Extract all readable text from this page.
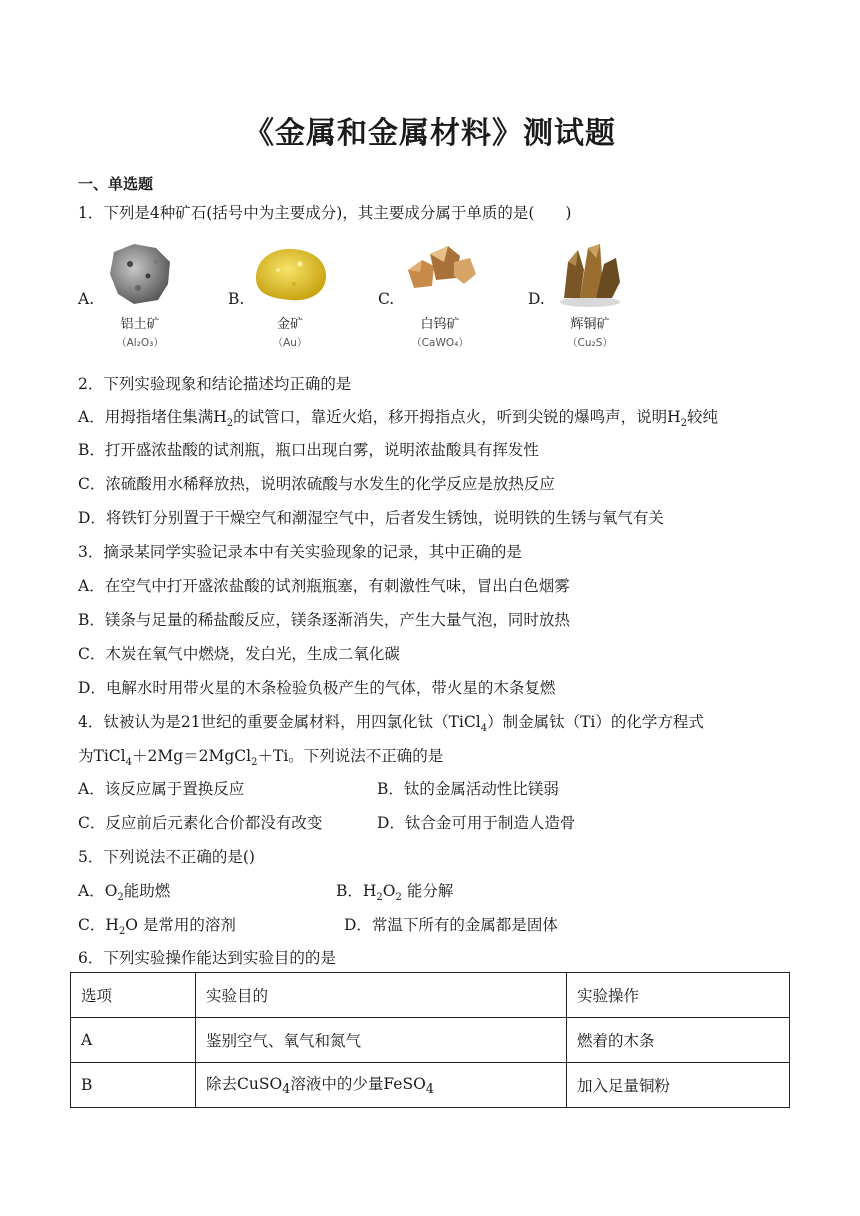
《金属和金属材料》测试题
一、单选题
1．下列是4种矿石(括号中为主要成分)，其主要成分属于单质的是(　　)
A.
铝土矿
（Al₂O₃）
B.
金矿
（Au）
C.
白钨矿
（CaWO₄）
D.
辉铜矿
（Cu₂S）
2．下列实验现象和结论描述均正确的是
A．用拇指堵住集满$H_2$的试管口，靠近火焰，移开拇指点火，听到尖锐的爆鸣声，说明$H_2$较纯
B．打开盛浓盐酸的试剂瓶，瓶口出现白雾，说明浓盐酸具有挥发性
C．浓硫酸用水稀释放热，说明浓硫酸与水发生的化学反应是放热反应
D．将铁钉分别置于干燥空气和潮湿空气中，后者发生锈蚀，说明铁的生锈与氧气有关
3．摘录某同学实验记录本中有关实验现象的记录，其中正确的是
A．在空气中打开盛浓盐酸的试剂瓶瓶塞，有刺激性气味，冒出白色烟雾
B．镁条与足量的稀盐酸反应，镁条逐渐消失，产生大量气泡，同时放热
C．木炭在氧气中燃烧，发白光，生成二氧化碳
D．电解水时用带火星的木条检验负极产生的气体，带火星的木条复燃
4．钛被认为是21世纪的重要金属材料，用四氯化钛（TiCl$_4$）制金属钛（Ti）的化学方程式
为TiCl$_4$＋2Mg＝2MgCl$_2$＋Ti。下列说法不正确的是
A．该反应属于置换反应	B．钛的金属活动性比镁弱
C．反应前后元素化合价都没有改变	D．钛合金可用于制造人造骨
5．下列说法不正确的是()
A．$O_2$能助燃	B．$H_2O_2$ 能分解
C．$H_2O$ 是常用的溶剂	D．常温下所有的金属都是固体
6．下列实验操作能达到实验目的的是
选项	实验目的	实验操作
A	鉴别空气、氧气和氮气	燃着的木条
B	除去CuSO$_4$溶液中的少量FeSO$_4$	加入足量铜粉
